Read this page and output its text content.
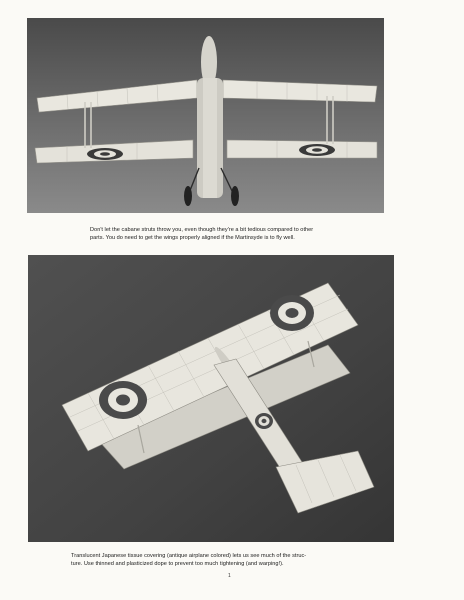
Don't let the cabane struts throw you, even though they're a bit tedious compared to other
parts. You do need to get the wings properly aligned if the Martinsyde is to fly well.

Translucent Japanese tissue covering (antique airplane colored) lets us see much of the struc-
ture. Use thinned and plasticized dope to prevent too much tightening (and warping!).

1
